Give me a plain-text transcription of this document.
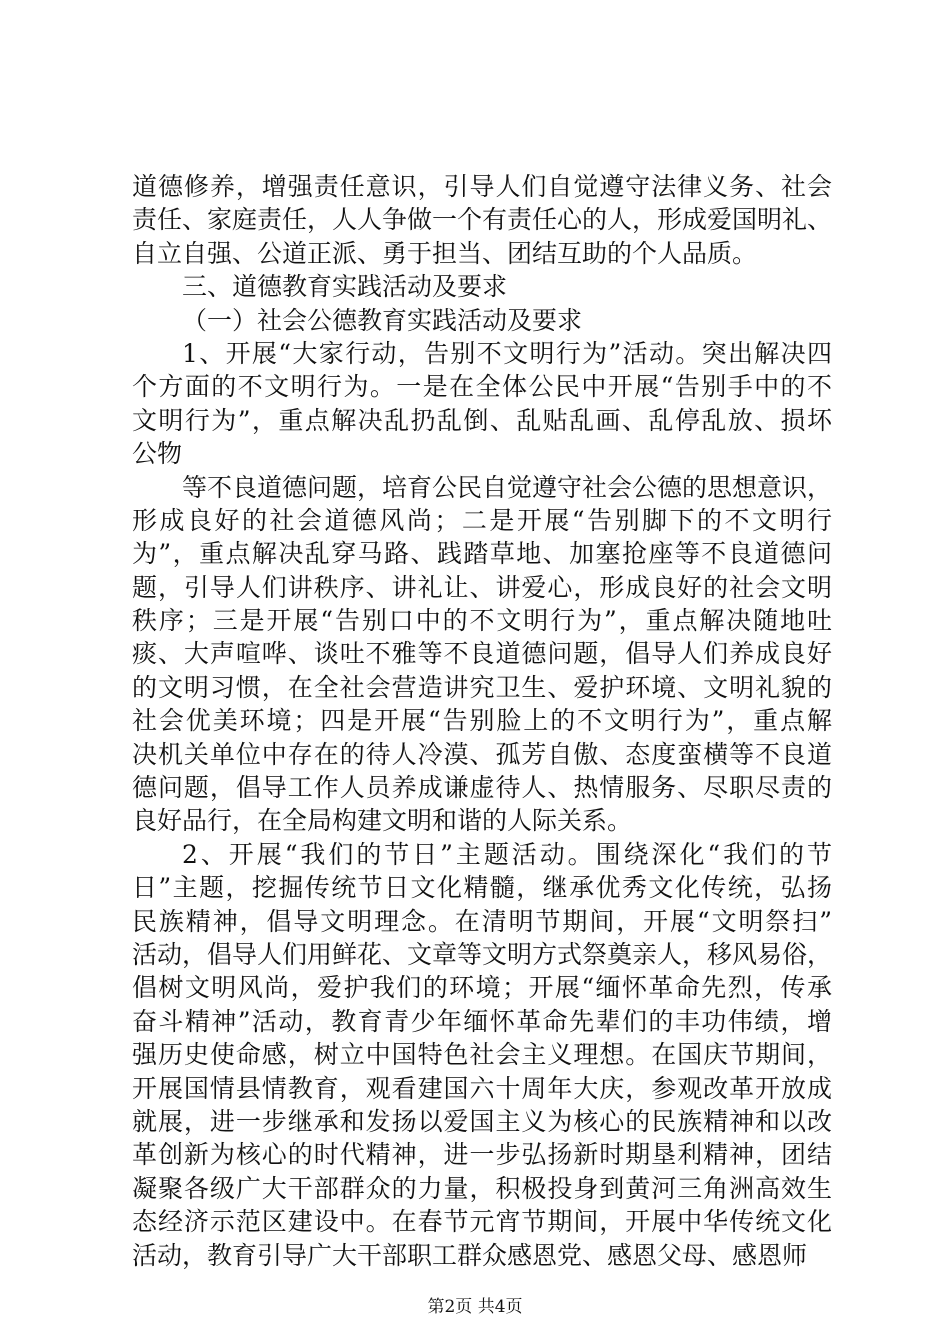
道德修养，增强责任意识，引导人们自觉遵守法律义务、社会
责任、家庭责任，人人争做一个有责任心的人，形成爱国明礼、
自立自强、公道正派、勇于担当、团结互助的个人品质。
三、道德教育实践活动及要求
（一）社会公德教育实践活动及要求
1、开展“大家行动，告别不文明行为”活动。突出解决四
个方面的不文明行为。一是在全体公民中开展“告别手中的不
文明行为”，重点解决乱扔乱倒、乱贴乱画、乱停乱放、损坏
公物
等不良道德问题，培育公民自觉遵守社会公德的思想意识，
形成良好的社会道德风尚；二是开展“告别脚下的不文明行
为”，重点解决乱穿马路、践踏草地、加塞抢座等不良道德问
题，引导人们讲秩序、讲礼让、讲爱心，形成良好的社会文明
秩序；三是开展“告别口中的不文明行为”，重点解决随地吐
痰、大声喧哗、谈吐不雅等不良道德问题，倡导人们养成良好
的文明习惯，在全社会营造讲究卫生、爱护环境、文明礼貌的
社会优美环境；四是开展“告别脸上的不文明行为”，重点解
决机关单位中存在的待人冷漠、孤芳自傲、态度蛮横等不良道
德问题，倡导工作人员养成谦虚待人、热情服务、尽职尽责的
良好品行，在全局构建文明和谐的人际关系。
2、开展“我们的节日”主题活动。围绕深化“我们的节
日”主题，挖掘传统节日文化精髓，继承优秀文化传统，弘扬
民族精神，倡导文明理念。在清明节期间，开展“文明祭扫”
活动，倡导人们用鲜花、文章等文明方式祭奠亲人，移风易俗，
倡树文明风尚，爱护我们的环境；开展“缅怀革命先烈，传承
奋斗精神”活动，教育青少年缅怀革命先辈们的丰功伟绩，增
强历史使命感，树立中国特色社会主义理想。在国庆节期间，
开展国情县情教育，观看建国六十周年大庆，参观改革开放成
就展，进一步继承和发扬以爱国主义为核心的民族精神和以改
革创新为核心的时代精神，进一步弘扬新时期垦利精神，团结
凝聚各级广大干部群众的力量，积极投身到黄河三角洲高效生
态经济示范区建设中。在春节元宵节期间，开展中华传统文化
活动，教育引导广大干部职工群众感恩党、感恩父母、感恩师
第2页 共4页
